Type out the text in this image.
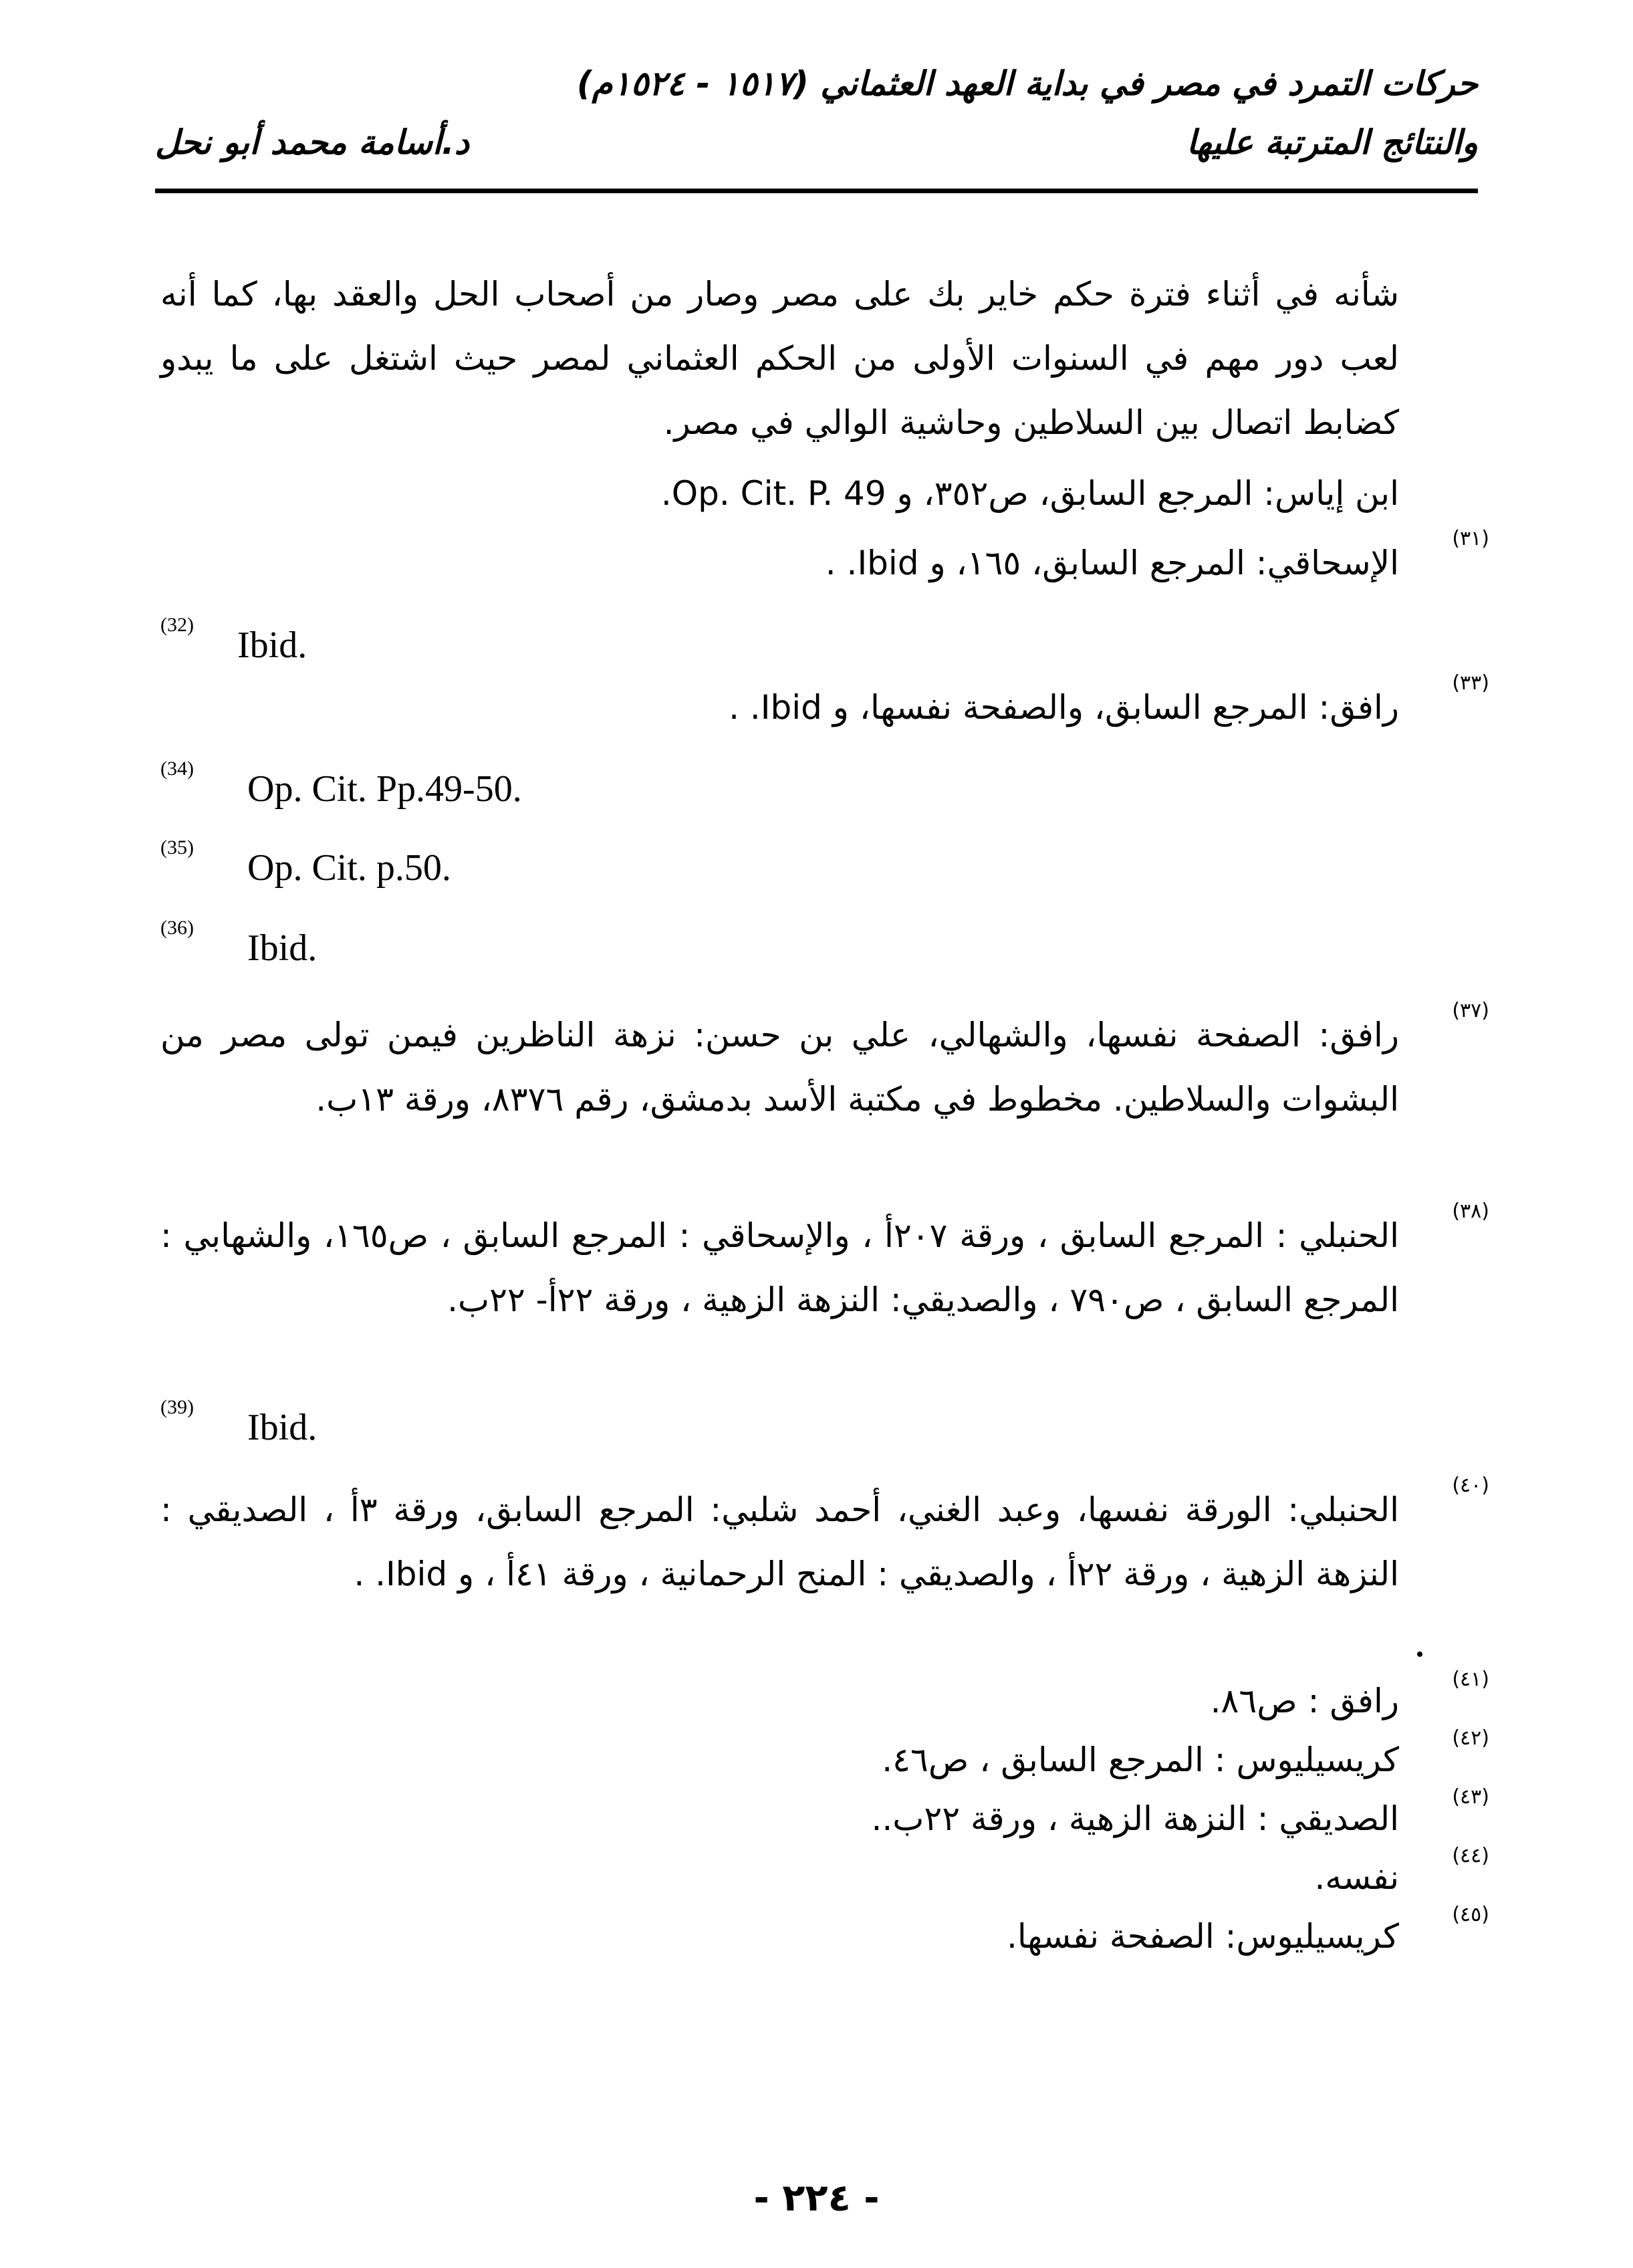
حركات التمرد في مصر في بداية العهد العثماني (١٥١٧ - ١٥٢٤م)
والنتائج المترتبة عليها
د.أسامة محمد أبو نحل
شأنه في أثناء فترة حكم خاير بك على مصر وصار من أصحاب الحل والعقد بها، كما أنه لعب دور مهم في السنوات الأولى من الحكم العثماني لمصر حيث اشتغل على ما يبدو كضابط اتصال بين السلاطين وحاشية الوالي في مصر.
ابن إياس: المرجع السابق، ص٣٥٢، و Op. Cit. P. 49.
(٣١)
الإسحاقي: المرجع السابق، ١٦٥، و Ibid. .
(32) Ibid.
(٣٣)
رافق: المرجع السابق، والصفحة نفسها، و Ibid. .
(34) Op. Cit. Pp.49-50.
(35) Op. Cit. p.50.
(36) Ibid.
(٣٧)
رافق: الصفحة نفسها، والشهالي، علي بن حسن: نزهة الناظرين فيمن تولى مصر من البشوات والسلاطين. مخطوط في مكتبة الأسد بدمشق، رقم ٨٣٧٦، ورقة ١٣ب.
(٣٨)
الحنبلي : المرجع السابق ، ورقة ٢٠٧أ ، والإسحاقي : المرجع السابق ، ص١٦٥، والشهابي : المرجع السابق ، ص٧٩٠ ، والصديقي: النزهة الزهية ، ورقة ٢٢أ- ٢٢ب.
(39) Ibid.
(٤٠)
الحنبلي: الورقة نفسها، وعبد الغني، أحمد شلبي: المرجع السابق، ورقة ٣أ ، الصديقي : النزهة الزهية ، ورقة ٢٢أ ، والصديقي : المنح الرحمانية ، ورقة ٤١أ ، و Ibid. .
(٤١)
رافق : ص٨٦.
(٤٢)
كريسيليوس : المرجع السابق ، ص٤٦.
(٤٣)
الصديقي : النزهة الزهية ، ورقة ٢٢ب..
(٤٤)
نفسه.
(٤٥)
كريسيليوس: الصفحة نفسها.
- ٢٢٤ -
